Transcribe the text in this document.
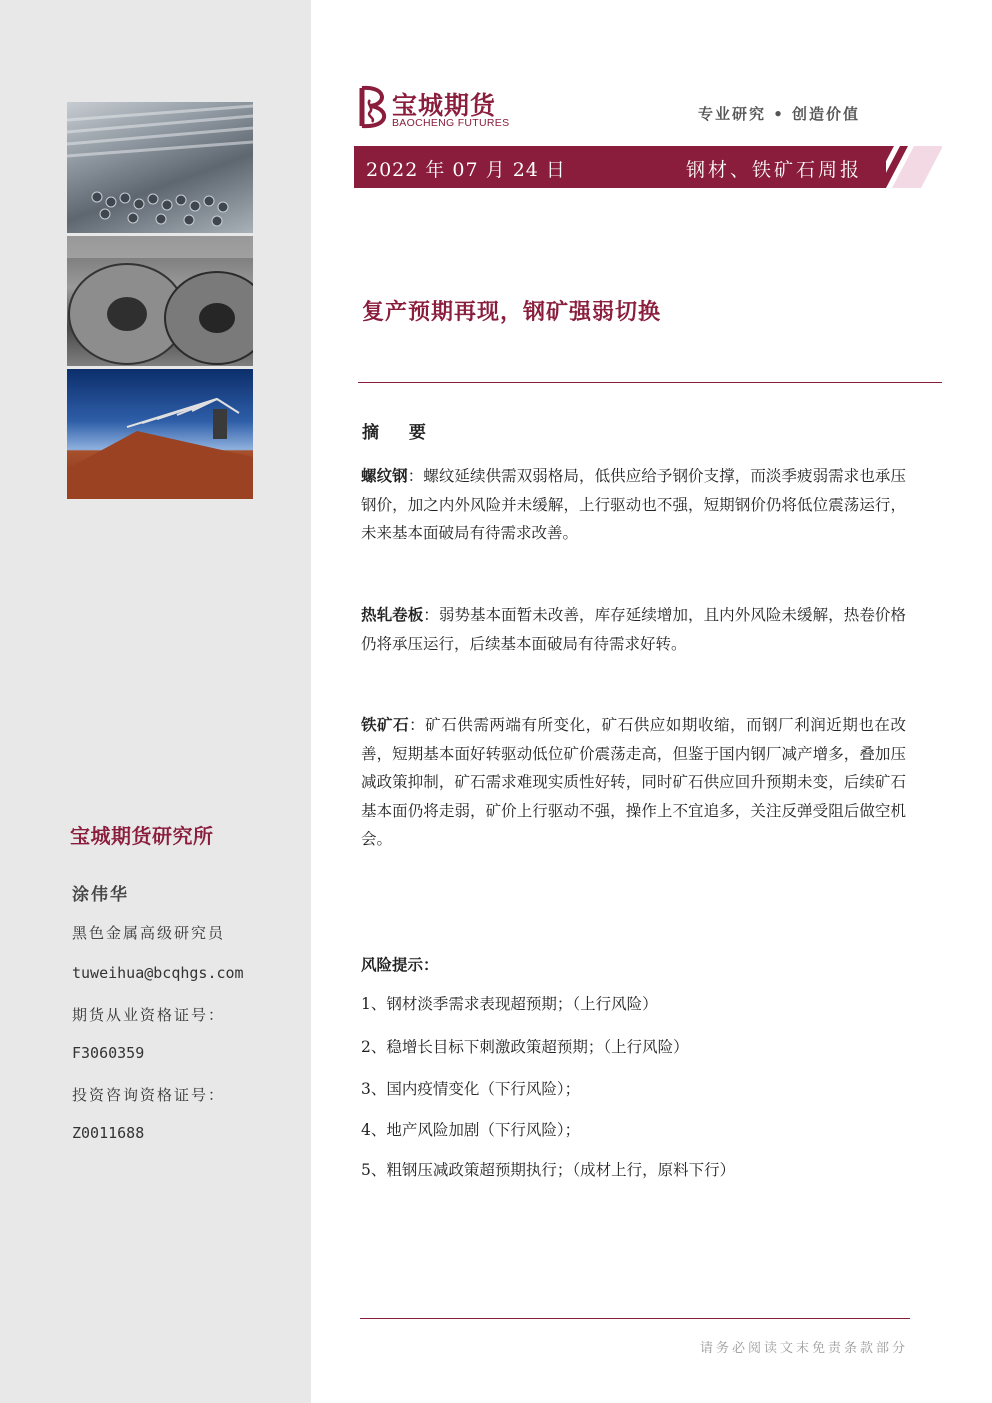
宝城期货研究所
涂伟华
黑色金属高级研究员
tuweihua@bcqhgs.com
期货从业资格证号：
F3060359
投资咨询资格证号：
Z0011688
宝城期货
BAOCHENG FUTURES	专业研究 • 创造价值
2022 年 07 月 24 日	钢材、铁矿石周报
复产预期再现，钢矿强弱切换
摘 要
螺纹钢：螺纹延续供需双弱格局，低供应给予钢价支撑，而淡季疲弱需求也承压钢价，加之内外风险并未缓解，上行驱动也不强，短期钢价仍将低位震荡运行，未来基本面破局有待需求改善。
热轧卷板：弱势基本面暂未改善，库存延续增加，且内外风险未缓解，热卷价格仍将承压运行，后续基本面破局有待需求好转。
铁矿石：矿石供需两端有所变化，矿石供应如期收缩，而钢厂利润近期也在改善，短期基本面好转驱动低位矿价震荡走高，但鉴于国内钢厂减产增多，叠加压减政策抑制，矿石需求难现实质性好转，同时矿石供应回升预期未变，后续矿石基本面仍将走弱，矿价上行驱动不强，操作上不宜追多，关注反弹受阻后做空机会。
风险提示：
1、钢材淡季需求表现超预期；（上行风险）
2、稳增长目标下刺激政策超预期；（上行风险）
3、国内疫情变化（下行风险）；
4、地产风险加剧（下行风险）；
5、粗钢压减政策超预期执行；（成材上行，原料下行）
请务必阅读文末免责条款部分
